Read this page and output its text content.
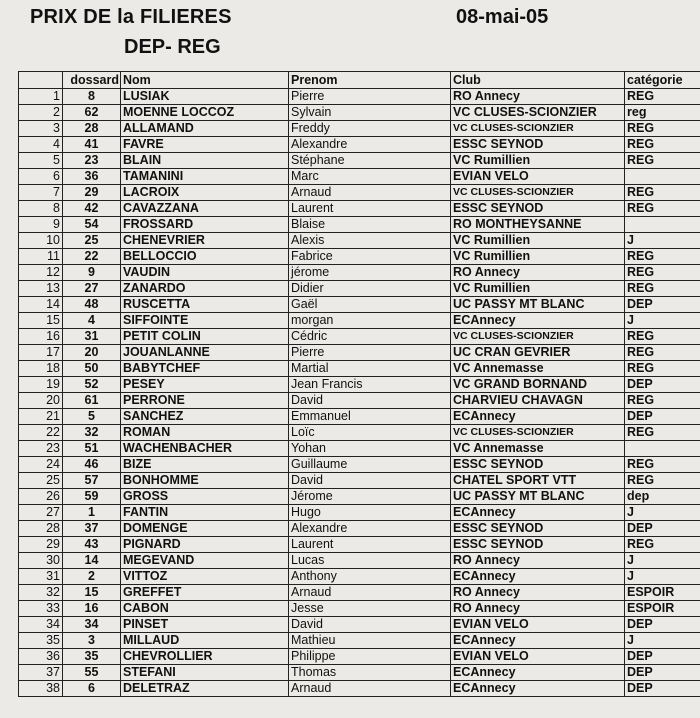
PRIX DE la FILIERES
DEP- REG
08-mai-05
	dossard	Nom	Prenom	Club	catégorie
1	8	LUSIAK	Pierre	RO Annecy	REG
2	62	MOENNE LOCCOZ	Sylvain	VC CLUSES-SCIONZIER	reg
3	28	ALLAMAND	Freddy	VC CLUSES-SCIONZIER	REG
4	41	FAVRE	Alexandre	ESSC SEYNOD	REG
5	23	BLAIN	Stéphane	VC Rumillien	REG
6	36	TAMANINI	Marc	EVIAN VELO	
7	29	LACROIX	Arnaud	VC CLUSES-SCIONZIER	REG
8	42	CAVAZZANA	Laurent	ESSC SEYNOD	REG
9	54	FROSSARD	Blaise	RO MONTHEYSANNE	
10	25	CHENEVRIER	Alexis	VC Rumillien	J
11	22	BELLOCCIO	Fabrice	VC Rumillien	REG
12	9	VAUDIN	jérome	RO Annecy	REG
13	27	ZANARDO	Didier	VC Rumillien	REG
14	48	RUSCETTA	Gaël	UC PASSY MT BLANC	DEP
15	4	SIFFOINTE	morgan	ECAnnecy	J
16	31	PETIT COLIN	Cédric	VC CLUSES-SCIONZIER	REG
17	20	JOUANLANNE	Pierre	UC CRAN GEVRIER	REG
18	50	BABYTCHEF	Martial	VC Annemasse	REG
19	52	PESEY	Jean Francis	VC GRAND BORNAND	DEP
20	61	PERRONE	David	CHARVIEU CHAVAGN	REG
21	5	SANCHEZ	Emmanuel	ECAnnecy	DEP
22	32	ROMAN	Loïc	VC CLUSES-SCIONZIER	REG
23	51	WACHENBACHER	Yohan	VC Annemasse	
24	46	BIZE	Guillaume	ESSC SEYNOD	REG
25	57	BONHOMME	David	CHATEL SPORT VTT	REG
26	59	GROSS	Jérome	UC PASSY MT BLANC	dep
27	1	FANTIN	Hugo	ECAnnecy	J
28	37	DOMENGE	Alexandre	ESSC SEYNOD	DEP
29	43	PIGNARD	Laurent	ESSC SEYNOD	REG
30	14	MEGEVAND	Lucas	RO Annecy	J
31	2	VITTOZ	Anthony	ECAnnecy	J
32	15	GREFFET	Arnaud	RO Annecy	ESPOIR
33	16	CABON	Jesse	RO Annecy	ESPOIR
34	34	PINSET	David	EVIAN VELO	DEP
35	3	MILLAUD	Mathieu	ECAnnecy	J
36	35	CHEVROLLIER	Philippe	EVIAN VELO	DEP
37	55	STEFANI	Thomas	ECAnnecy	DEP
38	6	DELETRAZ	Arnaud	ECAnnecy	DEP
